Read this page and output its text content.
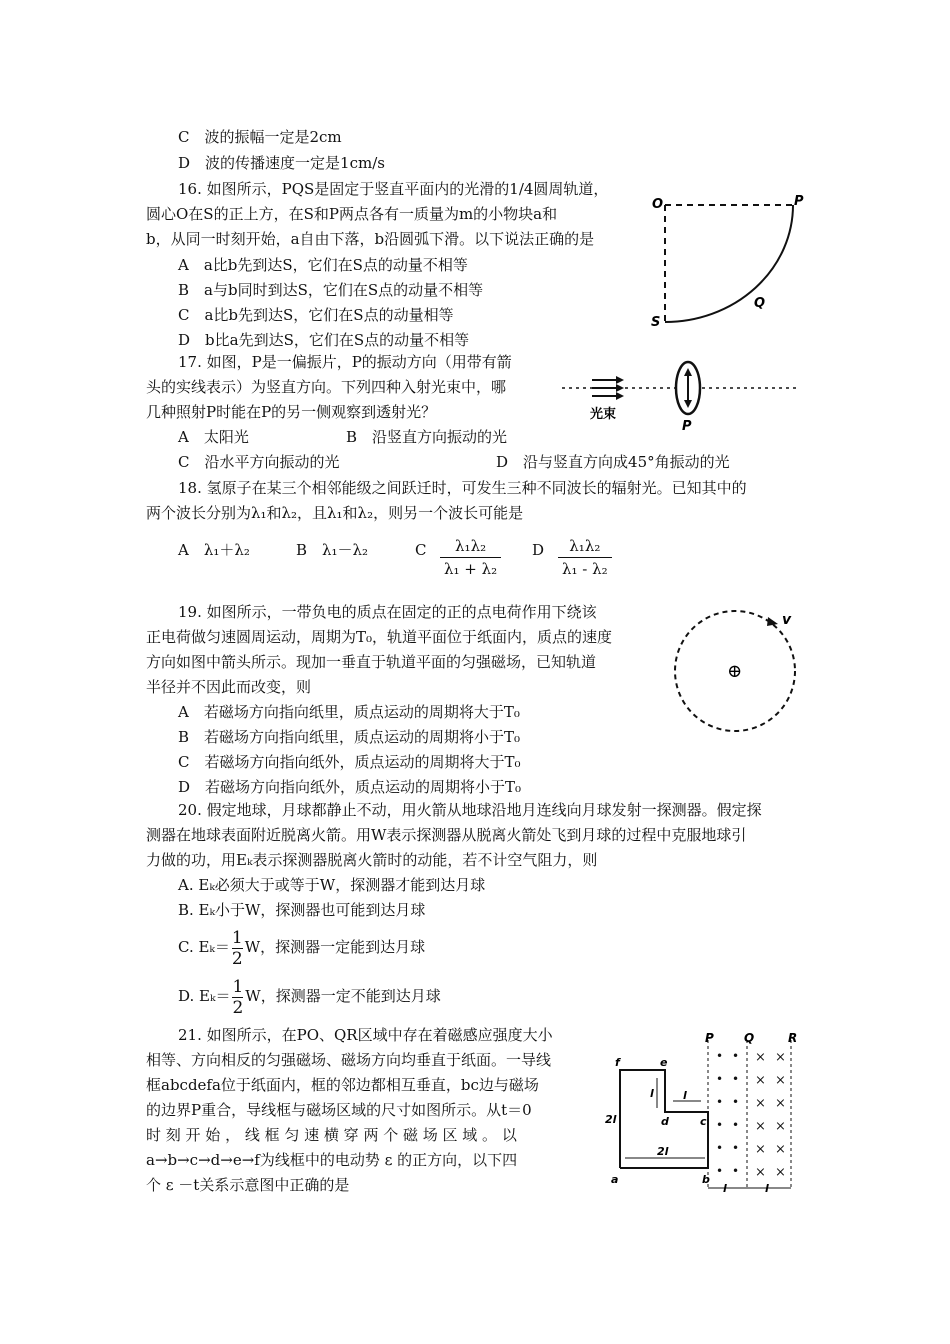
C　波的振幅一定是2cm
D　波的传播速度一定是1cm/s
16. 如图所示，PQS是固定于竖直平面内的光滑的1/4圆周轨道，
圆心O在S的正上方，在S和P两点各有一质量为m的小物块a和
b，从同一时刻开始，a自由下落，b沿圆弧下滑。以下说法正确的是
A　a比b先到达S，它们在S点的动量不相等
B　a与b同时到达S，它们在S点的动量不相等
C　a比b先到达S，它们在S点的动量相等
D　b比a先到达S，它们在S点的动量不相等
O	P
Q
S
17. 如图，P是一偏振片，P的振动方向（用带有箭
头的实线表示）为竖直方向。下列四种入射光束中，哪
几种照射P时能在P的另一侧观察到透射光？
A　太阳光	B　沿竖直方向振动的光
C　沿水平方向振动的光	D　沿与竖直方向成45°角振动的光
光束
P
18. 氢原子在某三个相邻能级之间跃迁时，可发生三种不同波长的辐射光。已知其中的
两个波长分别为λ₁和λ₂，且λ₁和λ₂，则另一个波长可能是
A　λ₁＋λ₂	B　λ₁－λ₂	C	λ₁λ₂
λ₁ + λ₂
D	λ₁λ₂
λ₁ - λ₂
19. 如图所示，一带负电的质点在固定的正的点电荷作用下绕该
正电荷做匀速圆周运动，周期为T₀，轨道平面位于纸面内，质点的速度
方向如图中箭头所示。现加一垂直于轨道平面的匀强磁场，已知轨道
半径并不因此而改变，则
A　若磁场方向指向纸里，质点运动的周期将大于T₀
B　若磁场方向指向纸里，质点运动的周期将小于T₀
C　若磁场方向指向纸外，质点运动的周期将大于T₀
D　若磁场方向指向纸外，质点运动的周期将小于T₀
⊕
v
20. 假定地球，月球都静止不动，用火箭从地球沿地月连线向月球发射一探测器。假定探
测器在地球表面附近脱离火箭。用W表示探测器从脱离火箭处飞到月球的过程中克服地球引
力做的功，用Eₖ表示探测器脱离火箭时的动能，若不计空气阻力，则
A. Eₖ必须大于或等于W，探测器才能到达月球
B. Eₖ小于W，探测器也可能到达月球
C. $E_k= \frac{1}{2}$ W，探测器一定能到达月球
D. $E_k= \frac{1}{2}$ W，探测器一定不能到达月球
21. 如图所示，在PO、QR区域中存在着磁感应强度大小
相等、方向相反的匀强磁场、磁场方向均垂直于纸面。一导线
框abcdefa位于纸面内，框的邻边都相互垂直，bc边与磁场
的边界P重合，导线框与磁场区域的尺寸如图所示。从t＝0
时 刻 开 始 ， 线 框 匀 速 横 穿 两 个 磁 场 区 域 。 以
a→b→c→d→e→f为线框中的电动势 ε 的正方向，以下四
个 ε －t关系示意图中正确的是
P	Q	R
• •
• •
• •
• •
• •
• •
× ×
× ×
× ×
× ×
× ×
× ×
f	e
d	c
a	b
l	l
2l
2l
l	l
